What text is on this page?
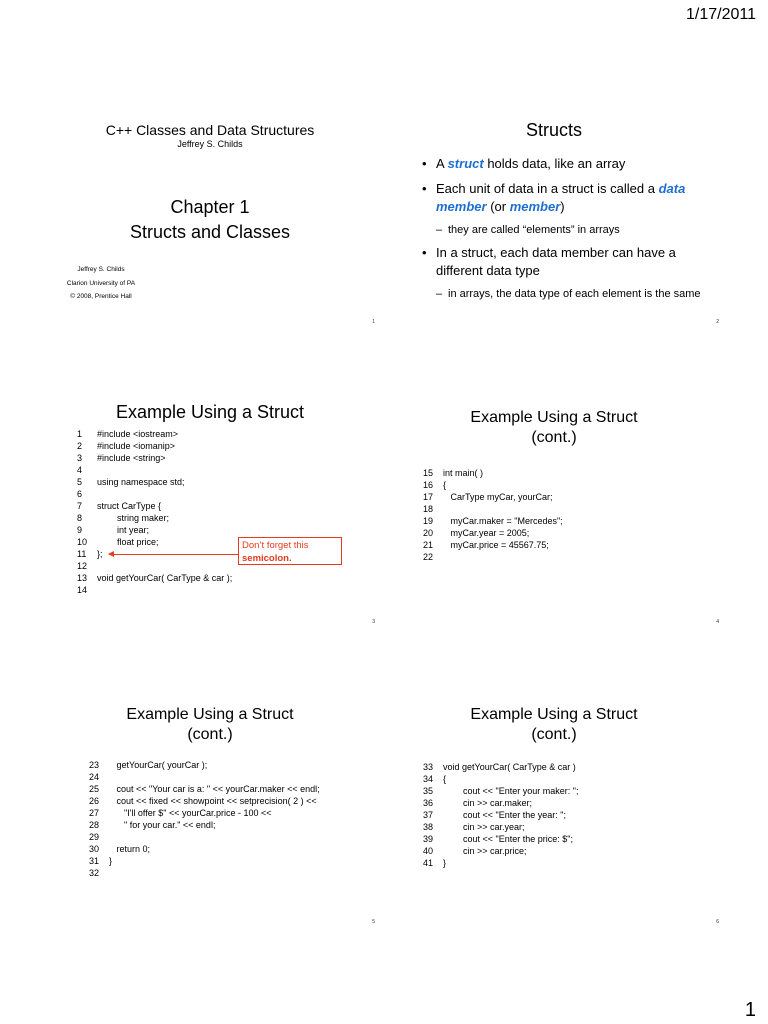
1/17/2011
C++ Classes and Data Structures
Jeffrey S. Childs
Chapter 1
Structs and Classes
Jeffrey S. Childs
Clarion University of PA
© 2008, Prentice Hall
1
Structs
• A struct holds data, like an array
• Each unit of data in a struct is called a data member (or member)
– they are called “elements” in arrays
• In a struct, each data member can have a different data type
– in arrays, the data type of each element is the same
2
Example Using a Struct
1 #include <iostream>
2 #include <iomanip>
3 #include <string>
4
5 using namespace std;
6
7 struct CarType {
8        string maker;
9        int year;
10        float price;
11 };
12
13 void getYourCar( CarType & car );
14
Don’t forget this
semicolon.
3
Example Using a Struct
(cont.)
15 int main( )
16 {
17   CarType myCar, yourCar;
18
19   myCar.maker = "Mercedes";
20   myCar.year = 2005;
21   myCar.price = 45567.75;
22
4
Example Using a Struct
(cont.)
23   getYourCar( yourCar );
24
25   cout << "Your car is a: " << yourCar.maker << endl;
26   cout << fixed << showpoint << setprecision( 2 ) <<
27      "I'll offer $" << yourCar.price - 100 <<
28      " for your car." << endl;
29
30   return 0;
31 }
32
5
Example Using a Struct
(cont.)
33 void getYourCar( CarType & car )
34 {
35        cout << "Enter your maker: ";
36        cin >> car.maker;
37        cout << "Enter the year: ";
38        cin >> car.year;
39        cout << "Enter the price: $";
40        cin >> car.price;
41 }
6
1
